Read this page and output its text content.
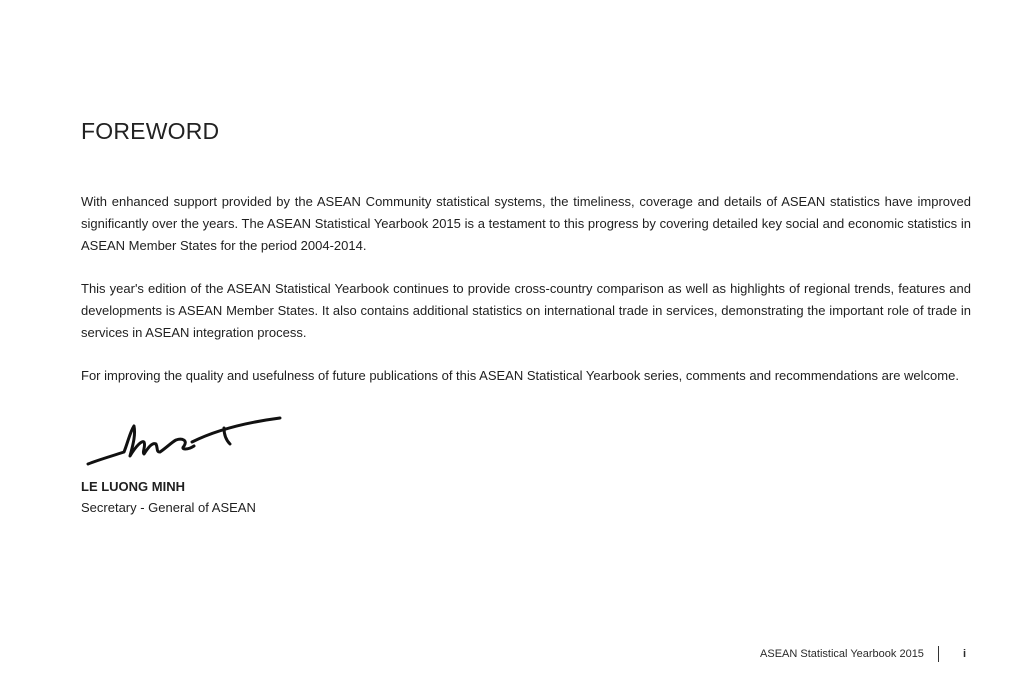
FOREWORD

With enhanced support provided by the ASEAN Community statistical systems, the timeliness, coverage and details of ASEAN statistics have improved significantly over the years. The ASEAN Statistical Yearbook 2015 is a testament to this progress by covering detailed key social and economic statistics in ASEAN Member States for the period 2004-2014.

This year's edition of the ASEAN Statistical Yearbook continues to provide cross-country comparison as well as highlights of regional trends, features and developments is ASEAN Member States. It also contains additional statistics on international trade in services, demonstrating the important role of trade in services in ASEAN integration process.

For improving the quality and usefulness of future publications of this ASEAN Statistical Yearbook series, comments and recommendations are welcome.

LE LUONG MINH
Secretary - General of ASEAN
ASEAN Statistical Yearbook 2015	i
